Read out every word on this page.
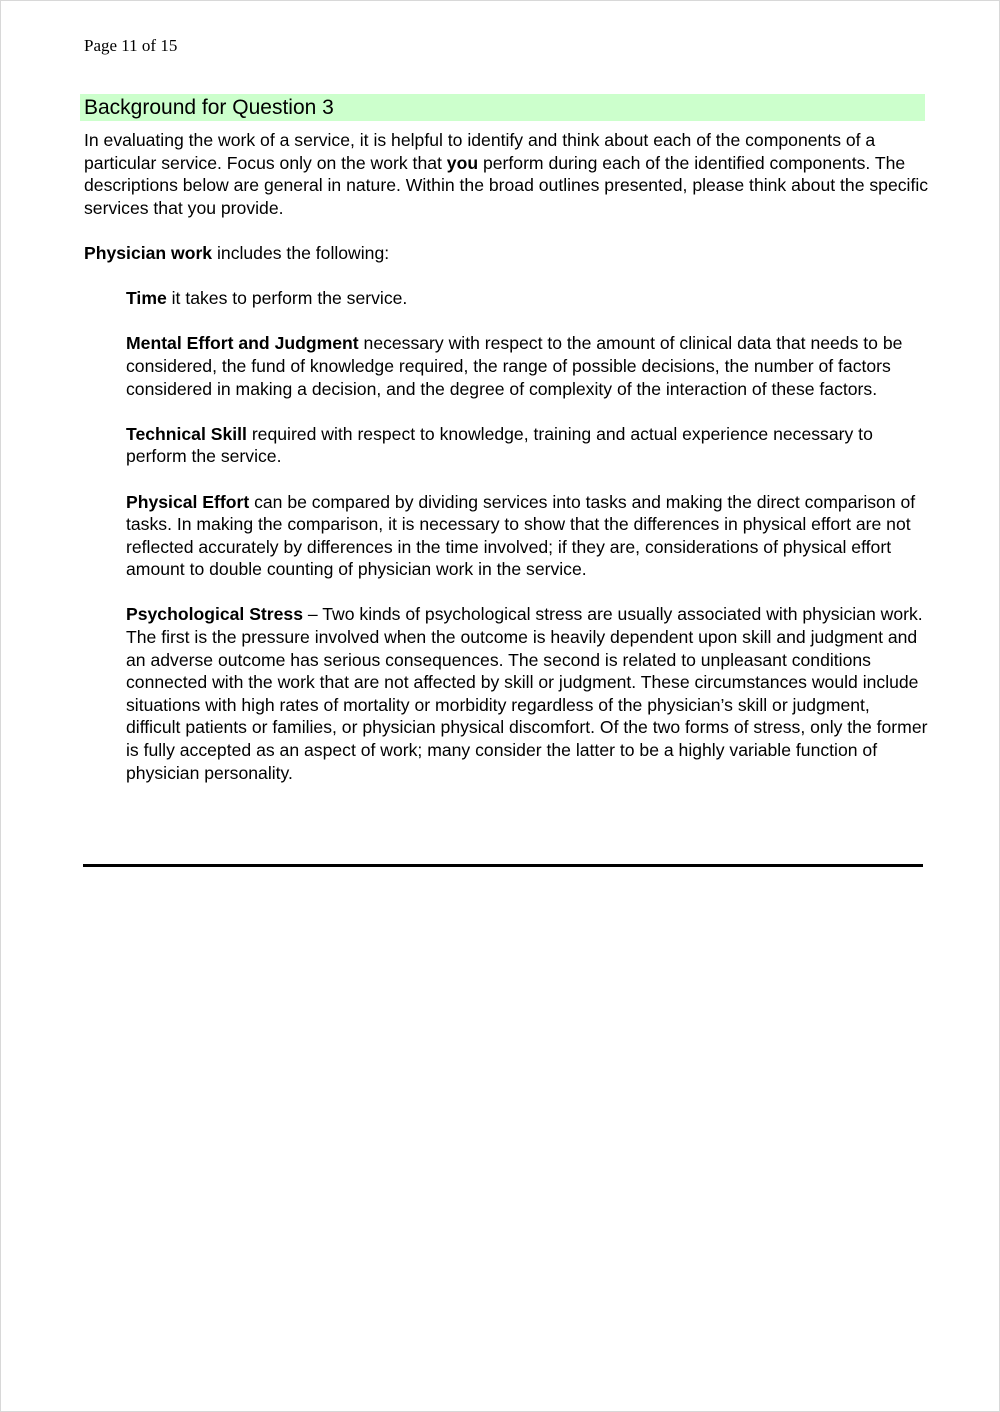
Page 11 of 15
Background for Question 3

In evaluating the work of a service, it is helpful to identify and think about each of the components of a particular service. Focus only on the work that you perform during each of the identified components. The descriptions below are general in nature. Within the broad outlines presented, please think about the specific services that you provide.

Physician work includes the following:

Time it takes to perform the service.

Mental Effort and Judgment necessary with respect to the amount of clinical data that needs to be considered, the fund of knowledge required, the range of possible decisions, the number of factors considered in making a decision, and the degree of complexity of the interaction of these factors.

Technical Skill required with respect to knowledge, training and actual experience necessary to perform the service.

Physical Effort can be compared by dividing services into tasks and making the direct comparison of tasks. In making the comparison, it is necessary to show that the differences in physical effort are not reflected accurately by differences in the time involved; if they are, considerations of physical effort amount to double counting of physician work in the service.

Psychological Stress – Two kinds of psychological stress are usually associated with physician work. The first is the pressure involved when the outcome is heavily dependent upon skill and judgment and an adverse outcome has serious consequences. The second is related to unpleasant conditions connected with the work that are not affected by skill or judgment. These circumstances would include situations with high rates of mortality or morbidity regardless of the physician’s skill or judgment, difficult patients or families, or physician physical discomfort. Of the two forms of stress, only the former is fully accepted as an aspect of work; many consider the latter to be a highly variable function of physician personality.
